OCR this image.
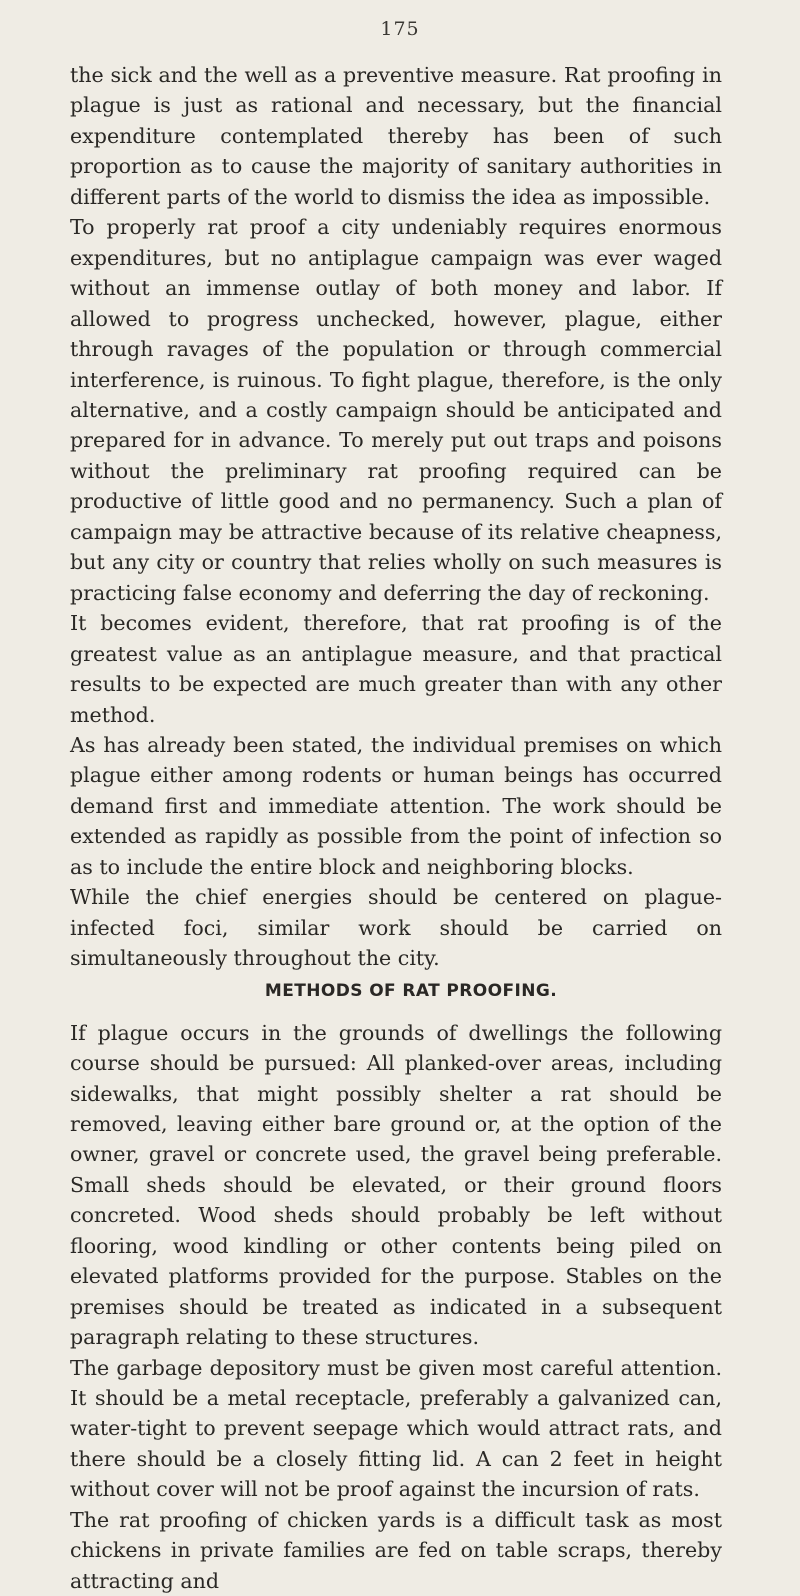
175

the sick and the well as a preventive measure. Rat proofing in plague is just as rational and necessary, but the financial expenditure contemplated thereby has been of such proportion as to cause the majority of sanitary authorities in different parts of the world to dismiss the idea as impossible.

To properly rat proof a city undeniably requires enormous expenditures, but no antiplague campaign was ever waged without an immense outlay of both money and labor. If allowed to progress unchecked, however, plague, either through ravages of the population or through commercial interference, is ruinous. To fight plague, therefore, is the only alternative, and a costly campaign should be anticipated and prepared for in advance. To merely put out traps and poisons without the preliminary rat proofing required can be productive of little good and no permanency. Such a plan of campaign may be attractive because of its relative cheapness, but any city or country that relies wholly on such measures is practicing false economy and deferring the day of reckoning.

It becomes evident, therefore, that rat proofing is of the greatest value as an antiplague measure, and that practical results to be expected are much greater than with any other method.

As has already been stated, the individual premises on which plague either among rodents or human beings has occurred demand first and immediate attention. The work should be extended as rapidly as possible from the point of infection so as to include the entire block and neighboring blocks.

While the chief energies should be centered on plague-infected foci, similar work should be carried on simultaneously throughout the city.

METHODS OF RAT PROOFING.

If plague occurs in the grounds of dwellings the following course should be pursued: All planked-over areas, including sidewalks, that might possibly shelter a rat should be removed, leaving either bare ground or, at the option of the owner, gravel or concrete used, the gravel being preferable. Small sheds should be elevated, or their ground floors concreted. Wood sheds should probably be left without flooring, wood kindling or other contents being piled on elevated platforms provided for the purpose. Stables on the premises should be treated as indicated in a subsequent paragraph relating to these structures.

The garbage depository must be given most careful attention. It should be a metal receptacle, preferably a galvanized can, water-tight to prevent seepage which would attract rats, and there should be a closely fitting lid. A can 2 feet in height without cover will not be proof against the incursion of rats.

The rat proofing of chicken yards is a difficult task as most chickens in private families are fed on table scraps, thereby attracting and
